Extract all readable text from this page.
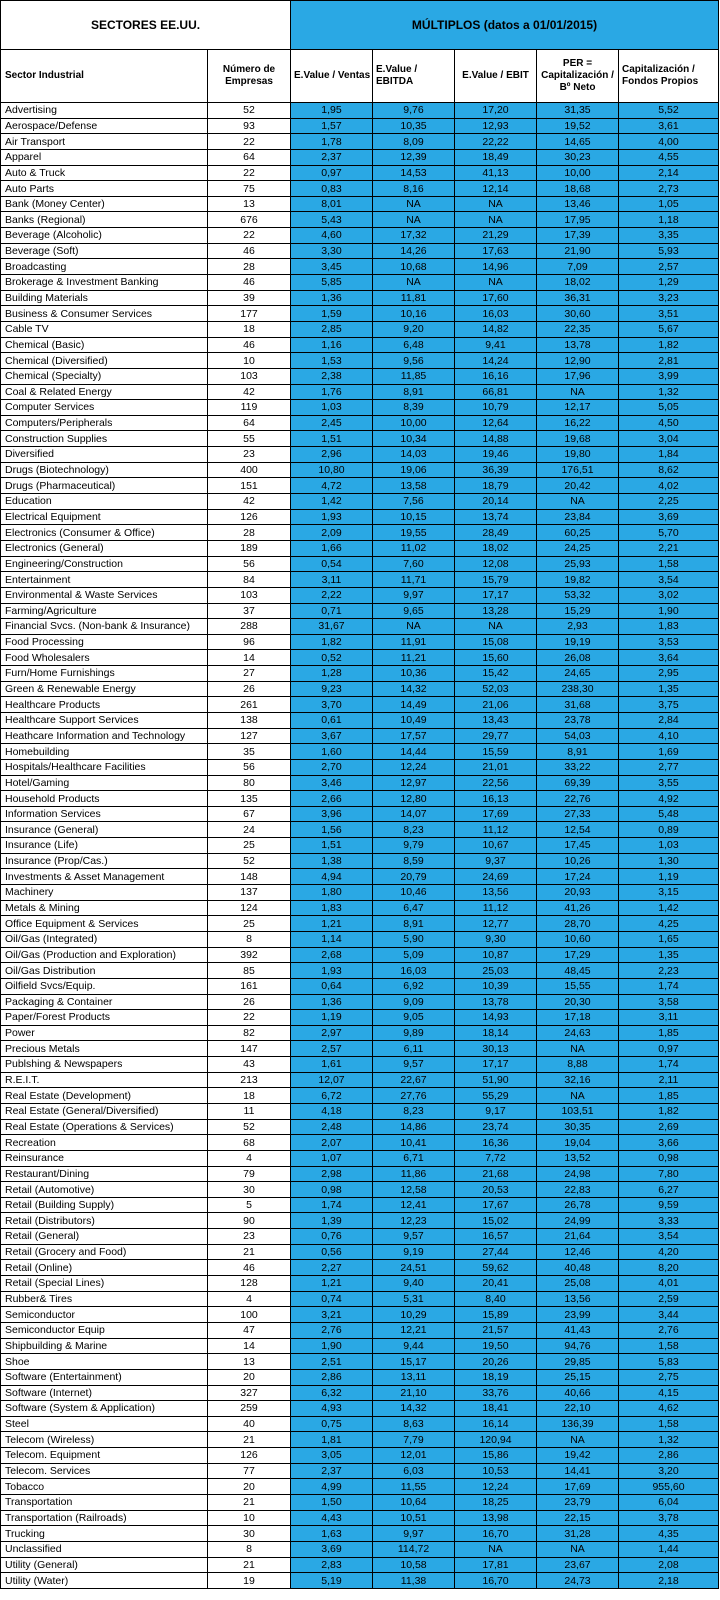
SECTORES EE.UU.		MÚLTIPLOS (datos a 01/01/2015)				
Sector Industrial	Número de Empresas	E.Value / Ventas	E.Value / EBITDA	E.Value / EBIT	PER = Capitalización / Bº Neto	Capitalización / Fondos Propios
Advertising	52	1,95	9,76	17,20	31,35	5,52
Aerospace/Defense	93	1,57	10,35	12,93	19,52	3,61
Air Transport	22	1,78	8,09	22,22	14,65	4,00
Apparel	64	2,37	12,39	18,49	30,23	4,55
Auto & Truck	22	0,97	14,53	41,13	10,00	2,14
Auto Parts	75	0,83	8,16	12,14	18,68	2,73
Bank (Money Center)	13	8,01	NA	NA	13,46	1,05
Banks (Regional)	676	5,43	NA	NA	17,95	1,18
Beverage (Alcoholic)	22	4,60	17,32	21,29	17,39	3,35
Beverage (Soft)	46	3,30	14,26	17,63	21,90	5,93
Broadcasting	28	3,45	10,68	14,96	7,09	2,57
Brokerage & Investment Banking	46	5,85	NA	NA	18,02	1,29
Building Materials	39	1,36	11,81	17,60	36,31	3,23
Business & Consumer Services	177	1,59	10,16	16,03	30,60	3,51
Cable TV	18	2,85	9,20	14,82	22,35	5,67
Chemical (Basic)	46	1,16	6,48	9,41	13,78	1,82
Chemical (Diversified)	10	1,53	9,56	14,24	12,90	2,81
Chemical (Specialty)	103	2,38	11,85	16,16	17,96	3,99
Coal & Related Energy	42	1,76	8,91	66,81	NA	1,32
Computer Services	119	1,03	8,39	10,79	12,17	5,05
Computers/Peripherals	64	2,45	10,00	12,64	16,22	4,50
Construction Supplies	55	1,51	10,34	14,88	19,68	3,04
Diversified	23	2,96	14,03	19,46	19,80	1,84
Drugs (Biotechnology)	400	10,80	19,06	36,39	176,51	8,62
Drugs (Pharmaceutical)	151	4,72	13,58	18,79	20,42	4,02
Education	42	1,42	7,56	20,14	NA	2,25
Electrical Equipment	126	1,93	10,15	13,74	23,84	3,69
Electronics (Consumer & Office)	28	2,09	19,55	28,49	60,25	5,70
Electronics (General)	189	1,66	11,02	18,02	24,25	2,21
Engineering/Construction	56	0,54	7,60	12,08	25,93	1,58
Entertainment	84	3,11	11,71	15,79	19,82	3,54
Environmental & Waste Services	103	2,22	9,97	17,17	53,32	3,02
Farming/Agriculture	37	0,71	9,65	13,28	15,29	1,90
Financial Svcs. (Non-bank & Insurance)	288	31,67	NA	NA	2,93	1,83
Food Processing	96	1,82	11,91	15,08	19,19	3,53
Food Wholesalers	14	0,52	11,21	15,60	26,08	3,64
Furn/Home Furnishings	27	1,28	10,36	15,42	24,65	2,95
Green & Renewable Energy	26	9,23	14,32	52,03	238,30	1,35
Healthcare Products	261	3,70	14,49	21,06	31,68	3,75
Healthcare Support Services	138	0,61	10,49	13,43	23,78	2,84
Heathcare Information and Technology	127	3,67	17,57	29,77	54,03	4,10
Homebuilding	35	1,60	14,44	15,59	8,91	1,69
Hospitals/Healthcare Facilities	56	2,70	12,24	21,01	33,22	2,77
Hotel/Gaming	80	3,46	12,97	22,56	69,39	3,55
Household Products	135	2,66	12,80	16,13	22,76	4,92
Information Services	67	3,96	14,07	17,69	27,33	5,48
Insurance (General)	24	1,56	8,23	11,12	12,54	0,89
Insurance (Life)	25	1,51	9,79	10,67	17,45	1,03
Insurance (Prop/Cas.)	52	1,38	8,59	9,37	10,26	1,30
Investments & Asset Management	148	4,94	20,79	24,69	17,24	1,19
Machinery	137	1,80	10,46	13,56	20,93	3,15
Metals & Mining	124	1,83	6,47	11,12	41,26	1,42
Office Equipment & Services	25	1,21	8,91	12,77	28,70	4,25
Oil/Gas (Integrated)	8	1,14	5,90	9,30	10,60	1,65
Oil/Gas (Production and Exploration)	392	2,68	5,09	10,87	17,29	1,35
Oil/Gas Distribution	85	1,93	16,03	25,03	48,45	2,23
Oilfield Svcs/Equip.	161	0,64	6,92	10,39	15,55	1,74
Packaging & Container	26	1,36	9,09	13,78	20,30	3,58
Paper/Forest Products	22	1,19	9,05	14,93	17,18	3,11
Power	82	2,97	9,89	18,14	24,63	1,85
Precious Metals	147	2,57	6,11	30,13	NA	0,97
Publshing & Newspapers	43	1,61	9,57	17,17	8,88	1,74
R.E.I.T.	213	12,07	22,67	51,90	32,16	2,11
Real Estate (Development)	18	6,72	27,76	55,29	NA	1,85
Real Estate (General/Diversified)	11	4,18	8,23	9,17	103,51	1,82
Real Estate (Operations & Services)	52	2,48	14,86	23,74	30,35	2,69
Recreation	68	2,07	10,41	16,36	19,04	3,66
Reinsurance	4	1,07	6,71	7,72	13,52	0,98
Restaurant/Dining	79	2,98	11,86	21,68	24,98	7,80
Retail (Automotive)	30	0,98	12,58	20,53	22,83	6,27
Retail (Building Supply)	5	1,74	12,41	17,67	26,78	9,59
Retail (Distributors)	90	1,39	12,23	15,02	24,99	3,33
Retail (General)	23	0,76	9,57	16,57	21,64	3,54
Retail (Grocery and Food)	21	0,56	9,19	27,44	12,46	4,20
Retail (Online)	46	2,27	24,51	59,62	40,48	8,20
Retail (Special Lines)	128	1,21	9,40	20,41	25,08	4,01
Rubber& Tires	4	0,74	5,31	8,40	13,56	2,59
Semiconductor	100	3,21	10,29	15,89	23,99	3,44
Semiconductor Equip	47	2,76	12,21	21,57	41,43	2,76
Shipbuilding & Marine	14	1,90	9,44	19,50	94,76	1,58
Shoe	13	2,51	15,17	20,26	29,85	5,83
Software (Entertainment)	20	2,86	13,11	18,19	25,15	2,75
Software (Internet)	327	6,32	21,10	33,76	40,66	4,15
Software (System & Application)	259	4,93	14,32	18,41	22,10	4,62
Steel	40	0,75	8,63	16,14	136,39	1,58
Telecom (Wireless)	21	1,81	7,79	120,94	NA	1,32
Telecom. Equipment	126	3,05	12,01	15,86	19,42	2,86
Telecom. Services	77	2,37	6,03	10,53	14,41	3,20
Tobacco	20	4,99	11,55	12,24	17,69	955,60
Transportation	21	1,50	10,64	18,25	23,79	6,04
Transportation (Railroads)	10	4,43	10,51	13,98	22,15	3,78
Trucking	30	1,63	9,97	16,70	31,28	4,35
Unclassified	8	3,69	114,72	NA	NA	1,44
Utility (General)	21	2,83	10,58	17,81	23,67	2,08
Utility (Water)	19	5,19	11,38	16,70	24,73	2,18
